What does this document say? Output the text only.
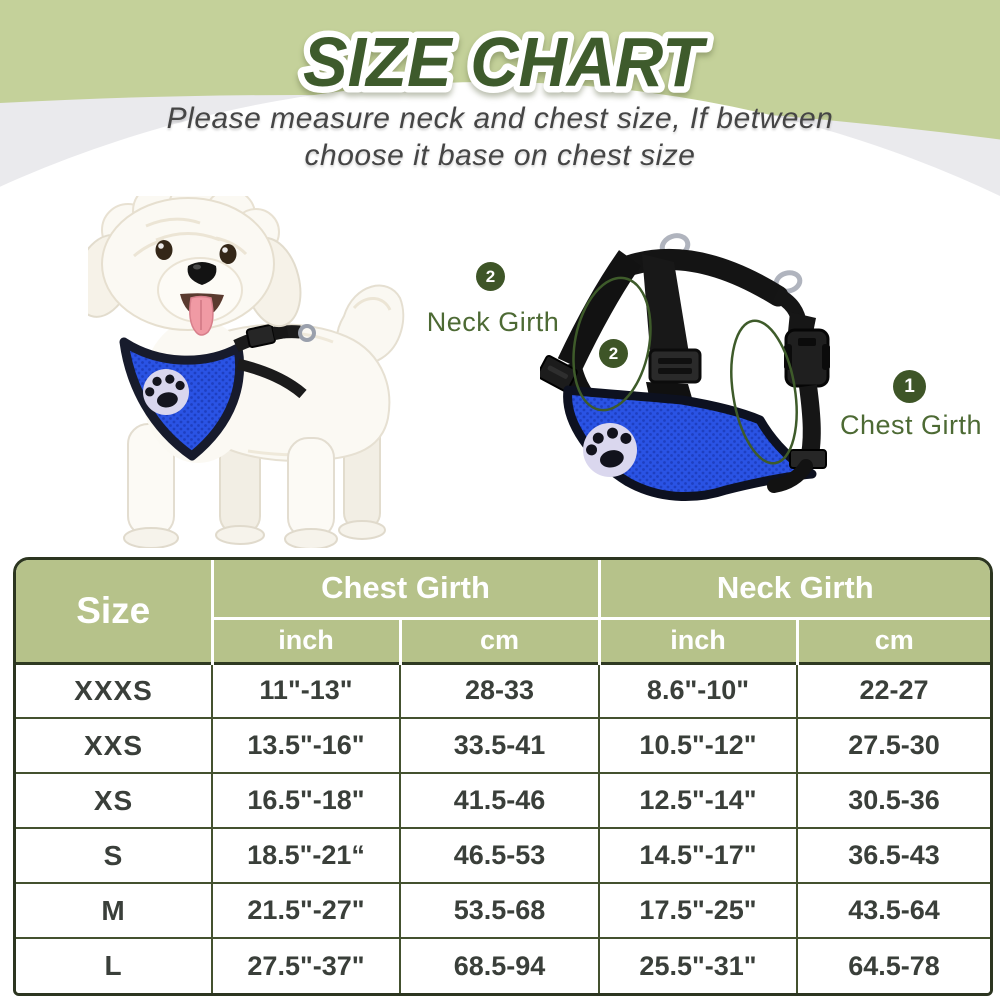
SIZE CHART
Please measure neck and chest size, If between
choose it base on chest size
2
Neck Girth
2
1
Chest Girth
Size	Chest Girth		Neck Girth	
	inch	cm	inch	cm
XXXS	11"-13"	28-33	8.6"-10"	22-27
XXS	13.5"-16"	33.5-41	10.5"-12"	27.5-30
XS	16.5"-18"	41.5-46	12.5"-14"	30.5-36
S	18.5"-21“	46.5-53	14.5"-17"	36.5-43
M	21.5"-27"	53.5-68	17.5"-25"	43.5-64
L	27.5"-37"	68.5-94	25.5"-31"	64.5-78
